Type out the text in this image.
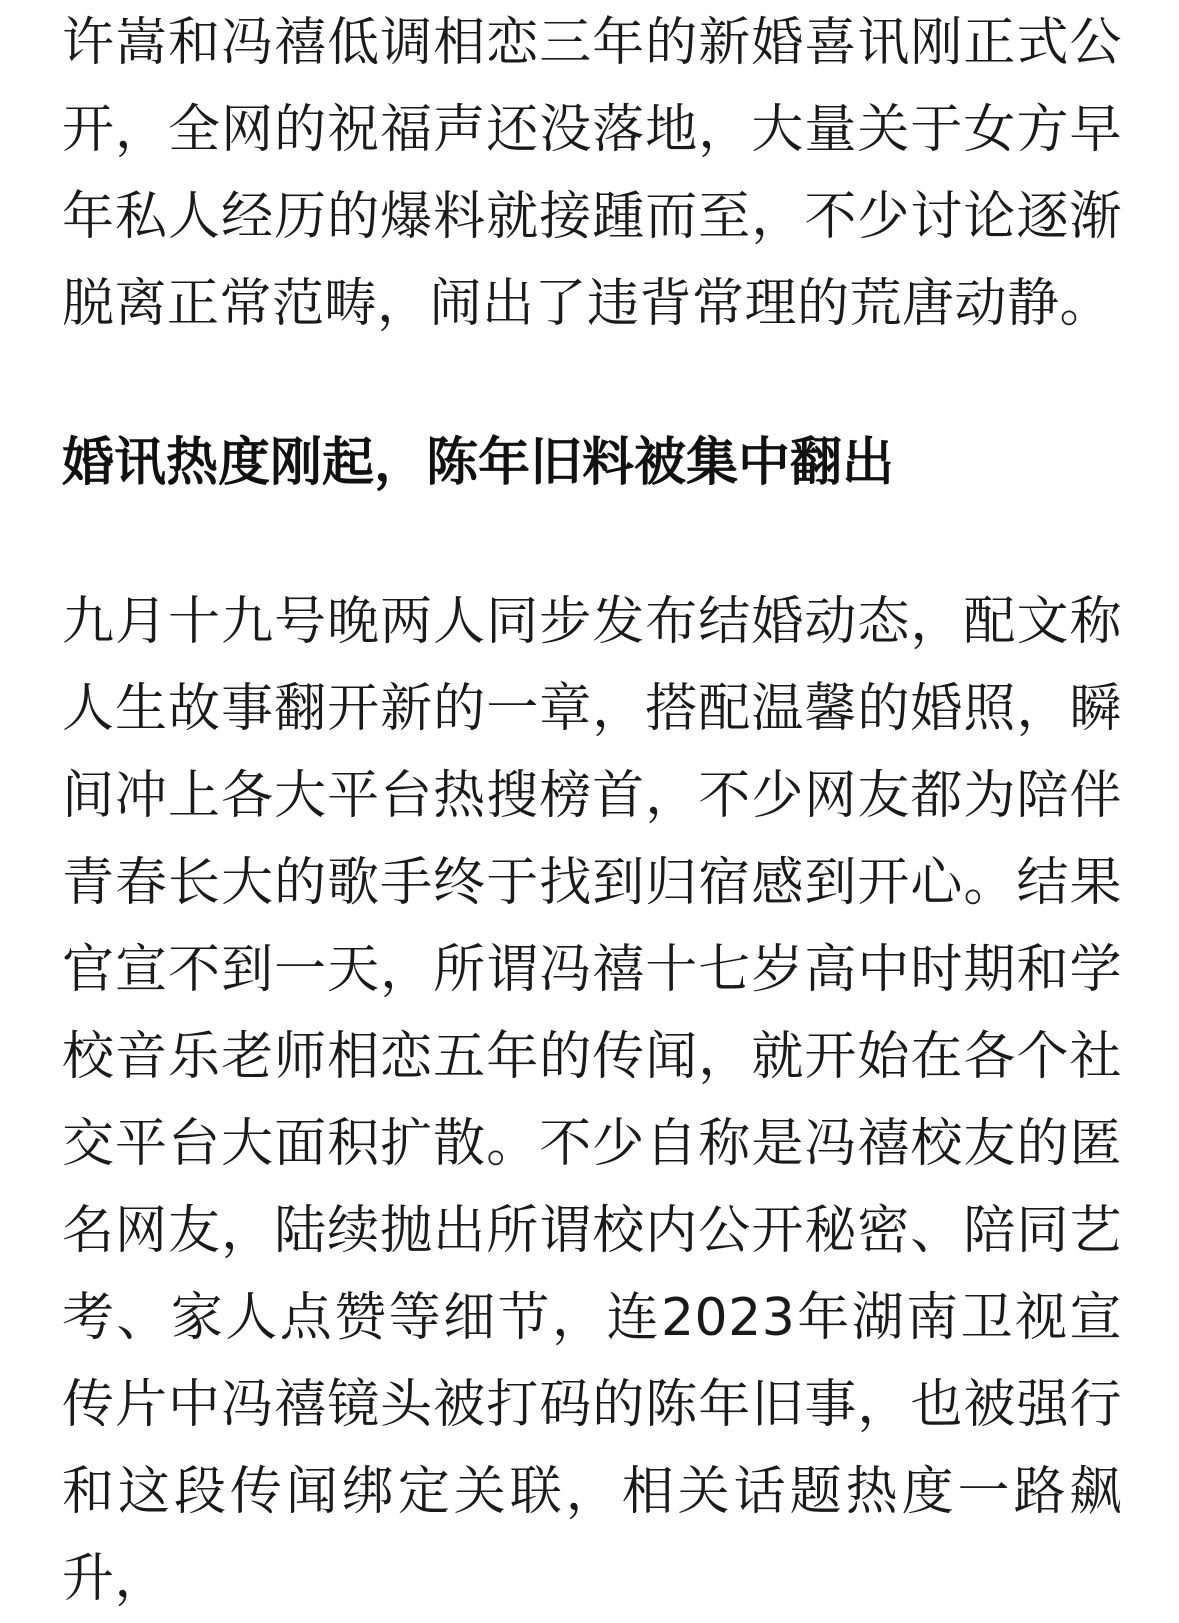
许嵩和冯禧低调相恋三年的新婚喜讯刚正式公开，全网的祝福声还没落地，大量关于女方早年私人经历的爆料就接踵而至，不少讨论逐渐脱离正常范畴，闹出了违背常理的荒唐动静。

婚讯热度刚起，陈年旧料被集中翻出

九月十九号晚两人同步发布结婚动态，配文称人生故事翻开新的一章，搭配温馨的婚照，瞬间冲上各大平台热搜榜首，不少网友都为陪伴青春长大的歌手终于找到归宿感到开心。结果官宣不到一天，所谓冯禧十七岁高中时期和学校音乐老师相恋五年的传闻，就开始在各个社交平台大面积扩散。不少自称是冯禧校友的匿名网友，陆续抛出所谓校内公开秘密、陪同艺考、家人点赞等细节，连2023年湖南卫视宣传片中冯禧镜头被打码的陈年旧事，也被强行和这段传闻绑定关联，相关话题热度一路飙升，
